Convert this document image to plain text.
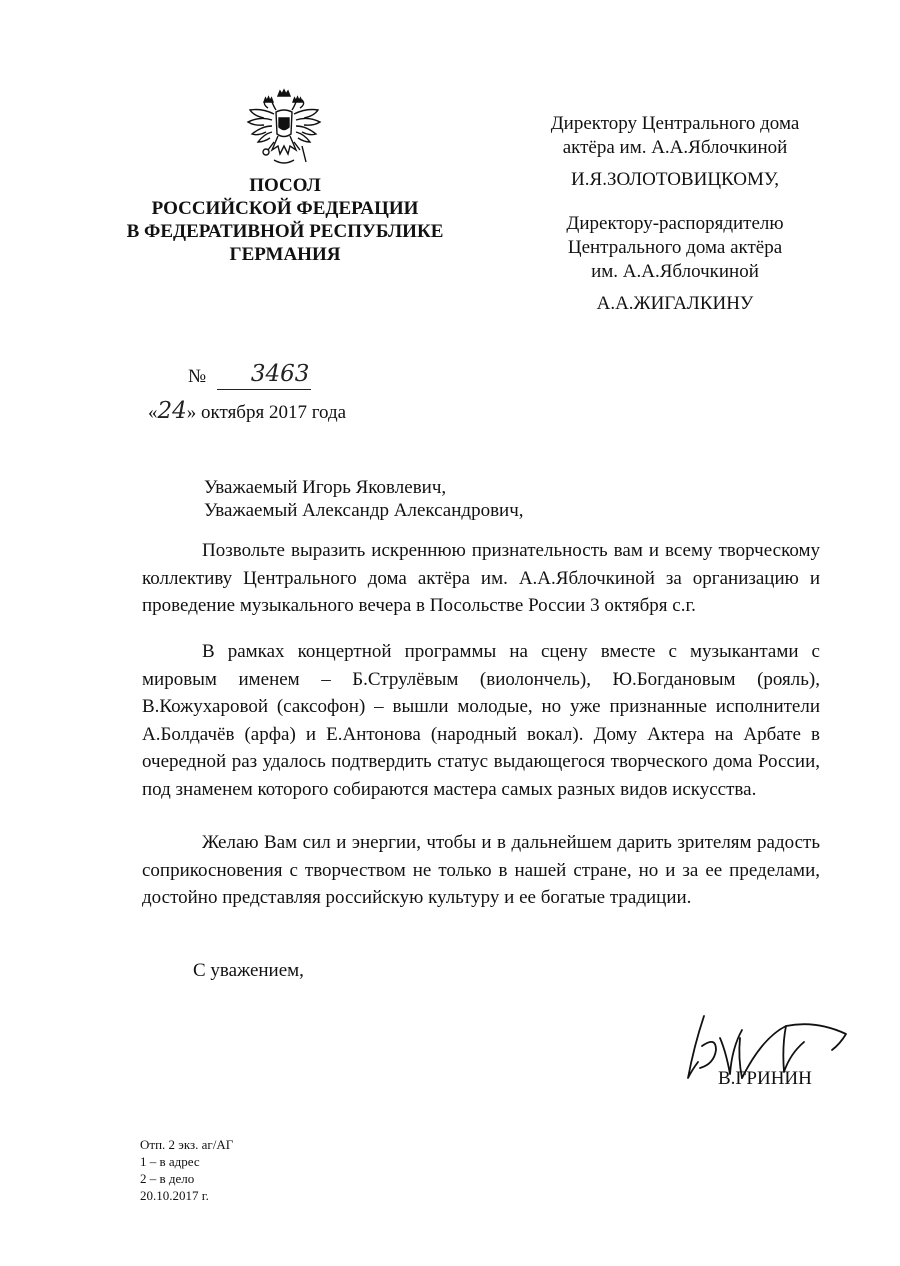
ПОСОЛ
РОССИЙСКОЙ ФЕДЕРАЦИИ
В ФЕДЕРАТИВНОЙ РЕСПУБЛИКЕ
ГЕРМАНИЯ
Директору Центрального дома
актёра им. А.А.Яблочкиной
И.Я.ЗОЛОТОВИЦКОМУ,
Директору-распорядителю
Центрального дома актёра
им. А.А.Яблочкиной
А.А.ЖИГАЛКИНУ
№ 3463
«24» октября 2017 года
Уважаемый Игорь Яковлевич,
Уважаемый Александр Александрович,
Позвольте выразить искреннюю признательность вам и всему творческому коллективу Центрального дома актёра им. А.А.Яблочкиной за организацию и проведение музыкального вечера в Посольстве России 3 октября с.г.
В рамках концертной программы на сцену вместе с музыкантами с мировым именем – Б.Струлёвым (виолончель), Ю.Богдановым (рояль), В.Кожухаровой (саксофон) – вышли молодые, но уже признанные исполнители А.Болдачёв (арфа) и Е.Антонова (народный вокал). Дому Актера на Арбате в очередной раз удалось подтвердить статус выдающегося творческого дома России, под знаменем которого собираются мастера самых разных видов искусства.
Желаю Вам сил и энергии, чтобы и в дальнейшем дарить зрителям радость соприкосновения с творчеством не только в нашей стране, но и за ее пределами, достойно представляя российскую культуру и ее богатые традиции.
С уважением,
В.ГРИНИН
Отп. 2 экз. аг/АГ
1 – в адрес
2 – в дело
20.10.2017 г.
